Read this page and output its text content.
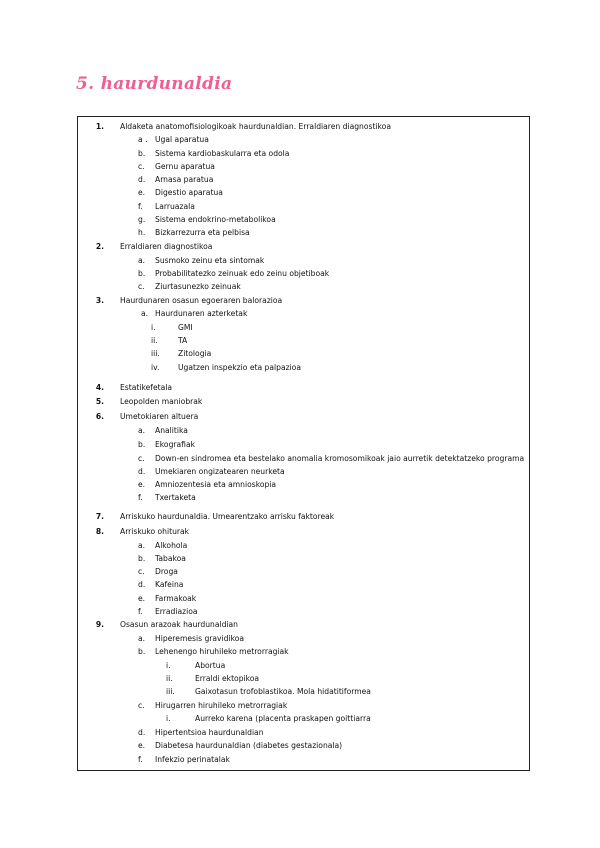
5. haurdunaldia
1. Aldaketa anatomofisiologikoak haurdunaldian. Erraldiaren diagnostikoa
a . Ugal aparatua
b.	Sistema kardiobaskularra eta odola
c.	Gernu aparatua
d.	Arnasa paratua
e.	Digestio aparatua
f.	Larruazala
g.	Sistema endokrino-metabolikoa
h.	Bizkarrezurra eta pelbisa
2. Erraldiaren diagnostikoa
a.	Susmoko zeinu eta sintomak
b.	Probabilitatezko zeinuak edo zeinu objetiboak
c.	Ziurtasunezko zeinuak
3. Haurdunaren osasun egoeraren balorazioa
a. Haurdunaren azterketak
i.	GMI
ii.	TA
iii.	Zitologia
iv.	Ugatzen inspekzio eta palpazioa
4. Estatikefetala
5. Leopolden maniobrak
6. Umetokiaren altuera
a.	Analitika
b.	Ekografiak
c.	Down-en sindromea eta bestelako anomalia kromosomikoak jaio aurretik detektatzeko programa
d.	Umekiaren ongizatearen neurketa
e.	Amniozentesia eta amnioskopia
f.	Txertaketa
7. Arriskuko haurdunaldia. Umearentzako arrisku faktoreak
8. Arriskuko ohiturak
a.	Alkohola
b.	Tabakoa
c.	Droga
d.	Kafeina
e.	Farmakoak
f.	Erradiazioa
9. Osasun arazoak haurdunaldian
a.	Hiperemesis gravidikoa
b.	Lehenengo hiruhileko metrorragiak
i.	Abortua
ii.	Erraldi ektopikoa
iii.	Gaixotasun trofoblastikoa. Mola hidatitiformea
c.	Hirugarren hiruhileko metrorragiak
i.	Aurreko karena (placenta praskapen goittiarra
d.	Hipertentsioa haurdunaldian
e.	Diabetesa haurdunaldian (diabetes gestazionala)
f.	Infekzio perinatalak
